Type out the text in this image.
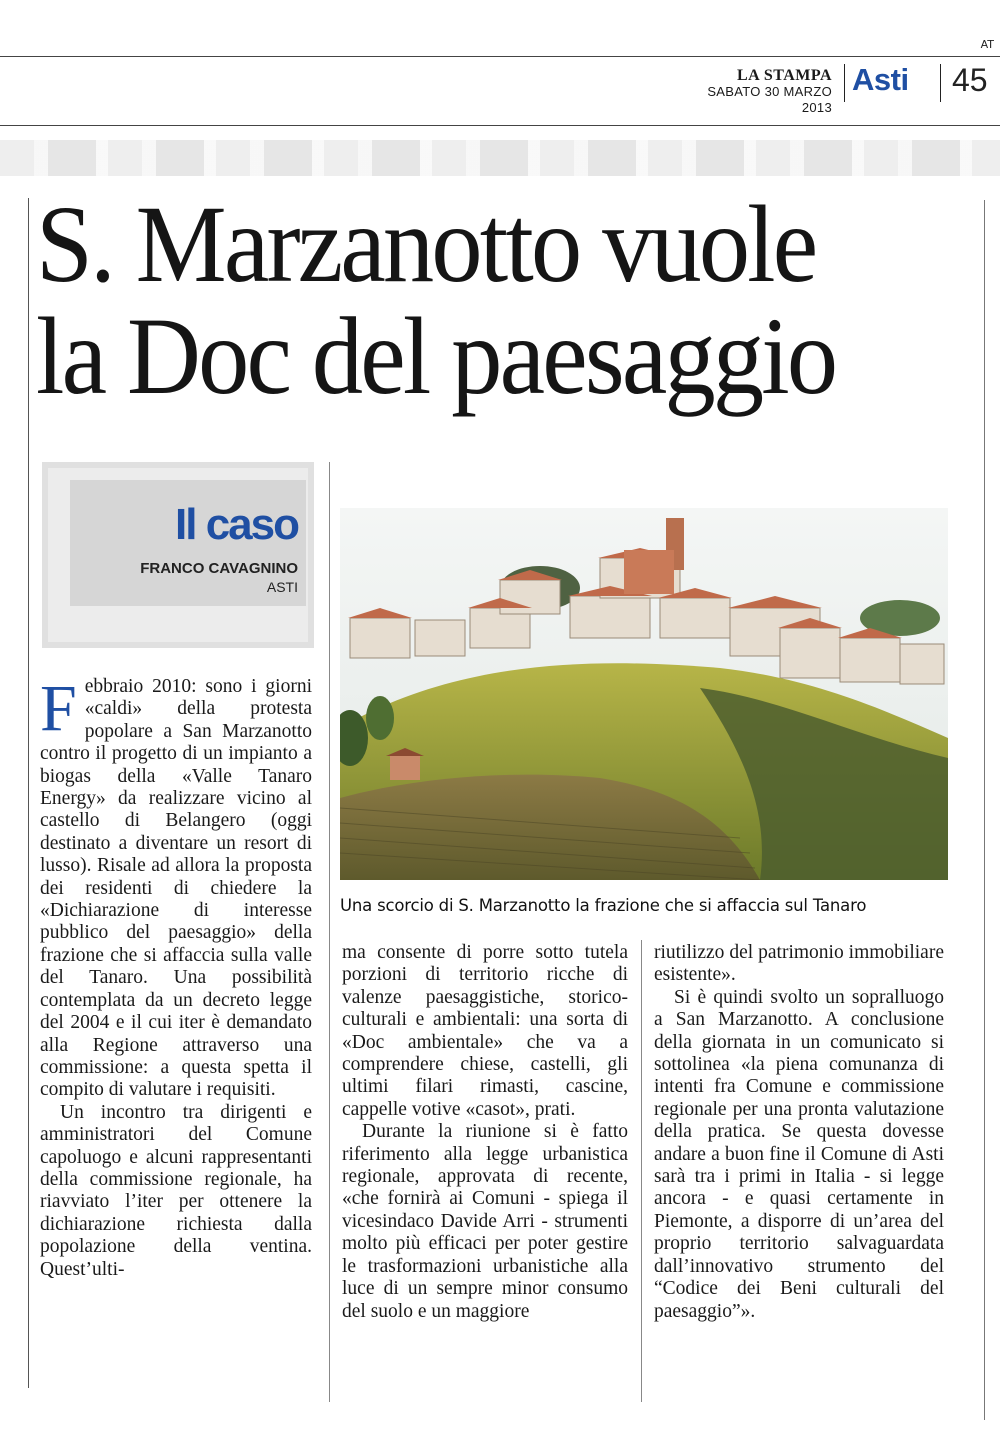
AT
LA STAMPA
SABATO 30 MARZO 2013
Asti 45
S. Marzanotto vuole
la Doc del paesaggio
Il caso
FRANCO CAVAGNINO
ASTI
Una scorcio di S. Marzanotto la frazione che si affaccia sul Tanaro

Febbraio 2010: sono i giorni «caldi» della protesta popolare a San Marzanotto contro il progetto di un impianto a biogas della «Valle Tanaro Energy» da realizzare vicino al castello di Belangero (oggi destinato a diventare un resort di lusso). Risale ad allora la proposta dei residenti di chiedere la «Dichiarazione di interesse pubblico del paesaggio» della frazione che si affaccia sulla valle del Tanaro. Una possibilità contemplata da un decreto legge del 2004 e il cui iter è demandato alla Regione attraverso una commissione: a questa spetta il compito di valutare i requisiti.

Un incontro tra dirigenti e amministratori del Comune capoluogo e alcuni rappresentanti della commissione regionale, ha riavviato l’iter per ottenere la dichiarazione richiesta dalla popolazione della ventina. Quest’ulti-

ma consente di porre sotto tutela porzioni di territorio ricche di valenze paesaggistiche, storico-culturali e ambientali: una sorta di «Doc ambientale» che va a comprendere chiese, castelli, gli ultimi filari rimasti, cascine, cappelle votive «casot», prati.

Durante la riunione si è fatto riferimento alla legge urbanistica regionale, approvata di recente, «che fornirà ai Comuni - spiega il vicesindaco Davide Arri - strumenti molto più efficaci per poter gestire le trasformazioni urbanistiche alla luce di un sempre minor consumo del suolo e un maggiore

riutilizzo del patrimonio immobiliare esistente».

Si è quindi svolto un sopralluogo a San Marzanotto. A conclusione della giornata in un comunicato si sottolinea «la piena comunanza di intenti fra Comune e commissione regionale per una pronta valutazione della pratica. Se questa dovesse andare a buon fine il Comune di Asti sarà tra i primi in Italia - si legge ancora - e quasi certamente in Piemonte, a disporre di un’area del proprio territorio salvaguardata dall’innovativo strumento del “Codice dei Beni culturali del paesaggio”».
